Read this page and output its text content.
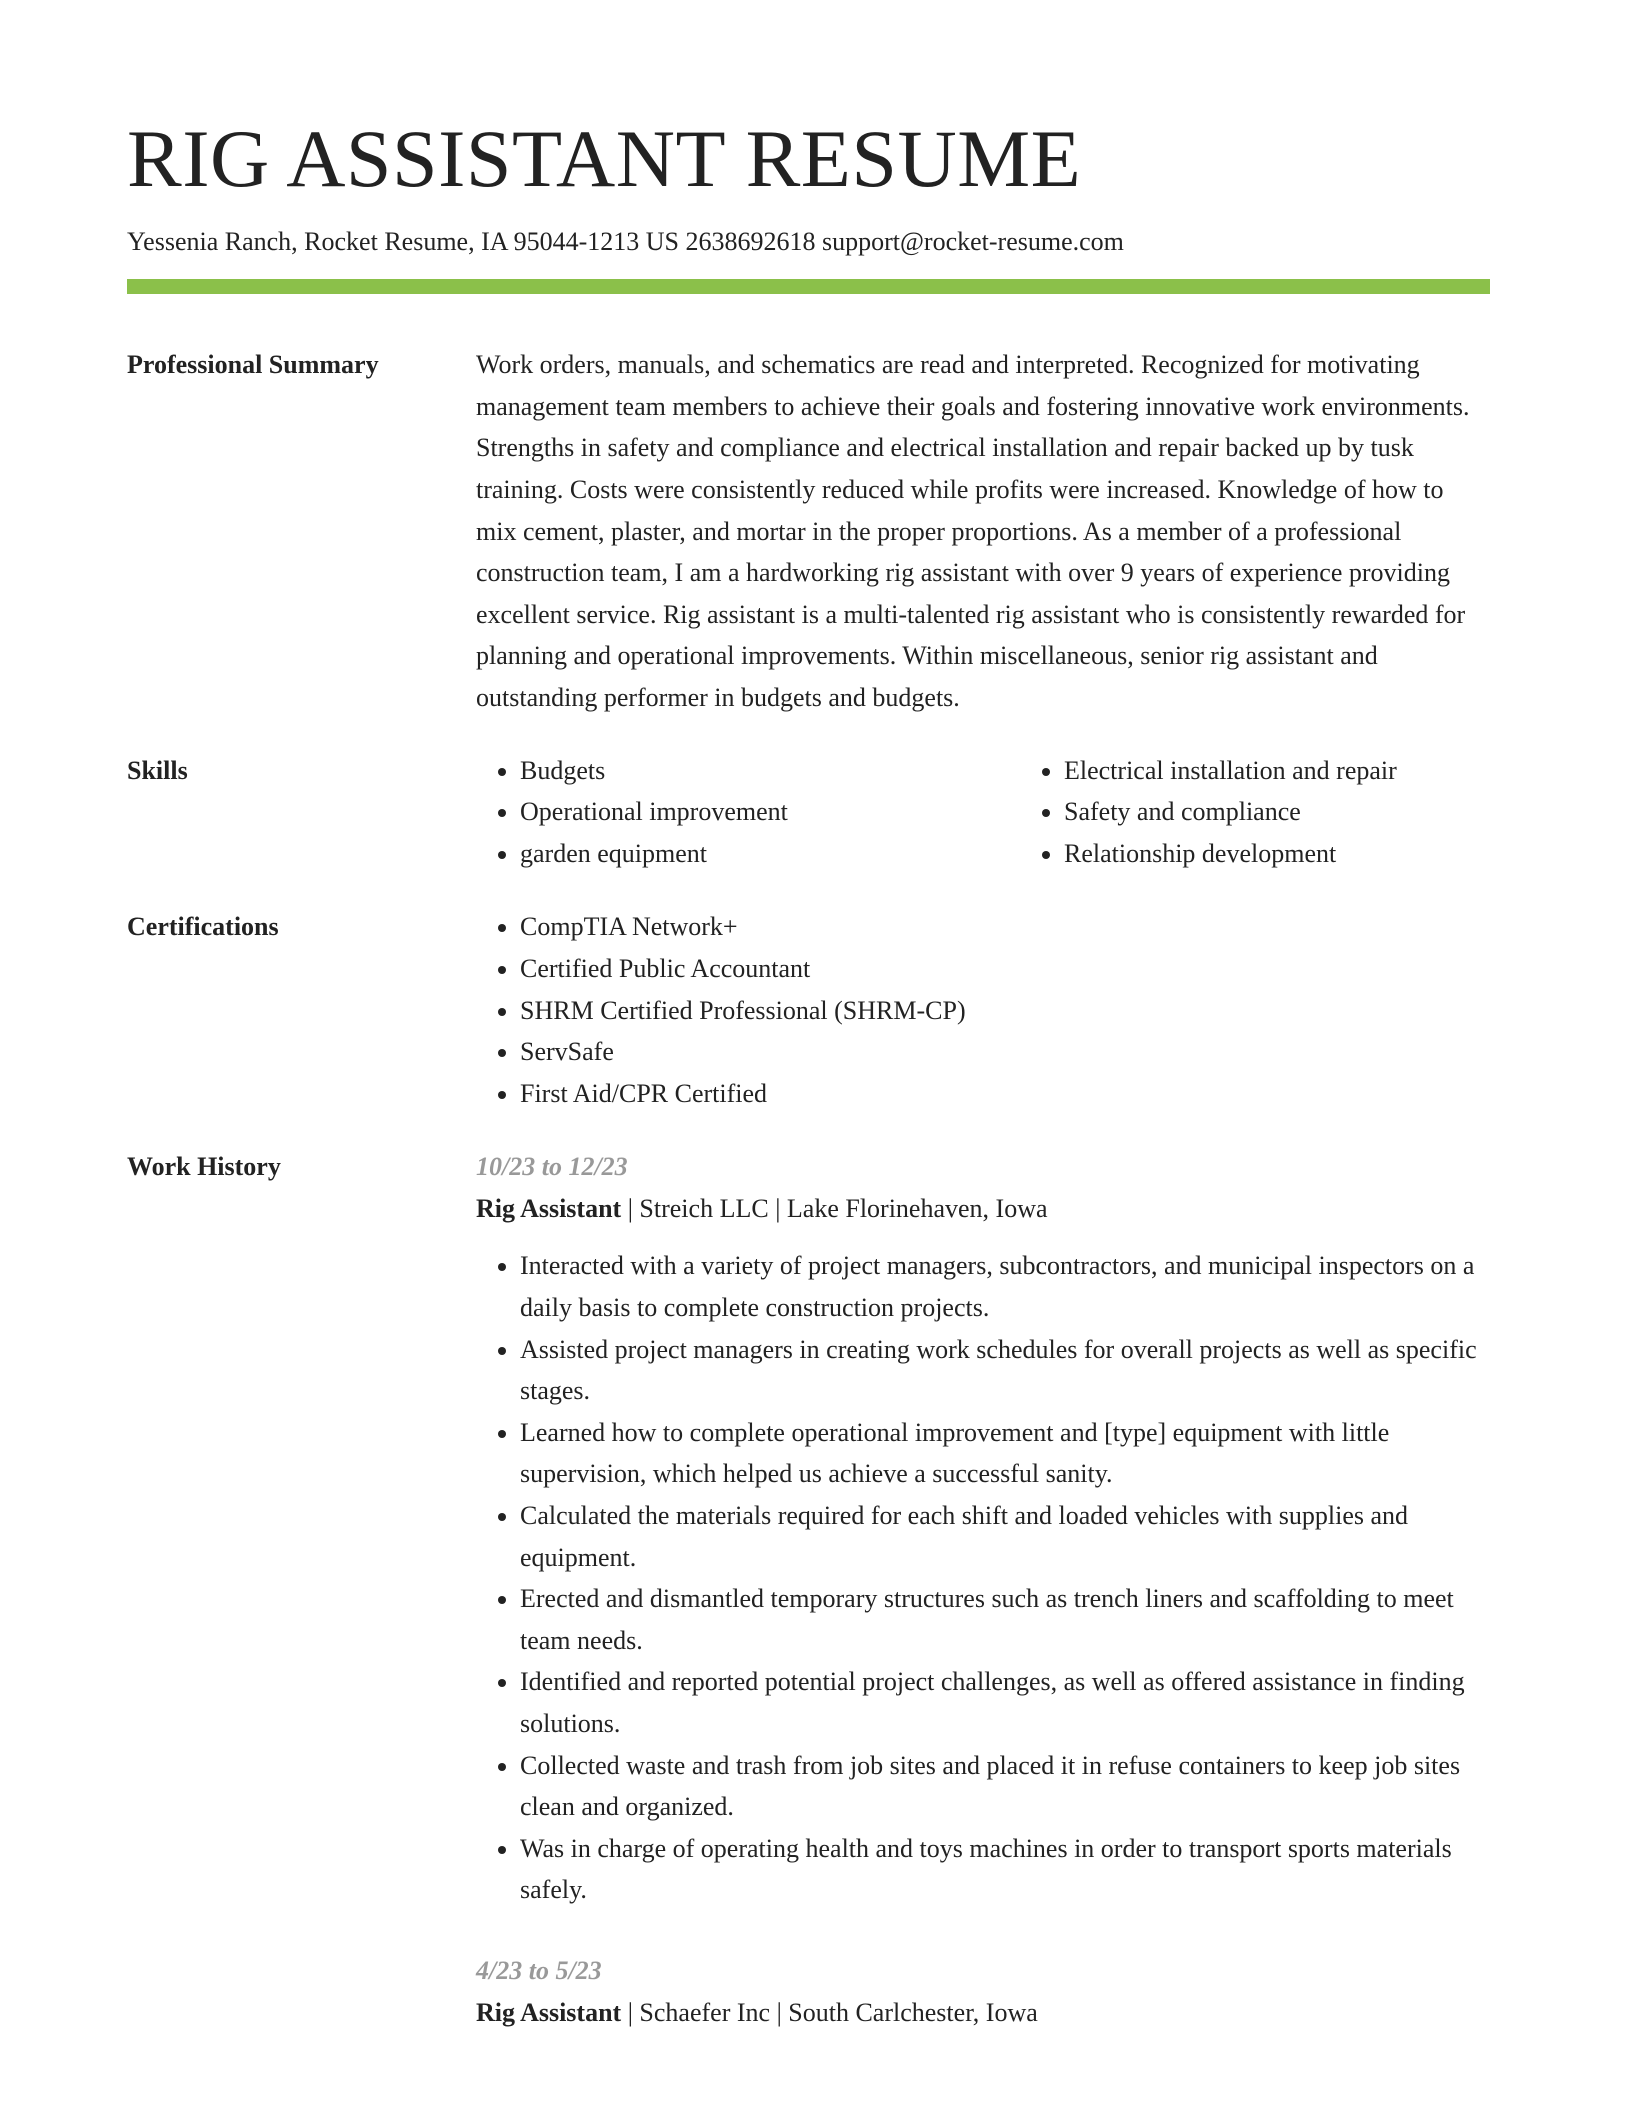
RIG ASSISTANT RESUME
Yessenia Ranch, Rocket Resume, IA 95044-1213 US 2638692618 support@rocket-resume.com
Professional Summary	Work orders, manuals, and schematics are read and interpreted. Recognized for motivating management team members to achieve their goals and fostering innovative work environments. Strengths in safety and compliance and electrical installation and repair backed up by tusk training. Costs were consistently reduced while profits were increased. Knowledge of how to mix cement, plaster, and mortar in the proper proportions. As a member of a professional construction team, I am a hardworking rig assistant with over 9 years of experience providing excellent service. Rig assistant is a multi-talented rig assistant who is consistently rewarded for planning and operational improvements. Within miscellaneous, senior rig assistant and outstanding performer in budgets and budgets.

Skills	• Budgets
• Operational improvement
• garden equipment
• Electrical installation and repair
• Safety and compliance
• Relationship development
Certifications	• CompTIA Network+
• Certified Public Accountant
• SHRM Certified Professional (SHRM-CP)
• ServSafe
• First Aid/CPR Certified
Work History	10/23 to 12/23
Rig Assistant | Streich LLC | Lake Florinehaven, Iowa
• Interacted with a variety of project managers, subcontractors, and municipal inspectors on a daily basis to complete construction projects.
• Assisted project managers in creating work schedules for overall projects as well as specific stages.
• Learned how to complete operational improvement and [type] equipment with little supervision, which helped us achieve a successful sanity.
• Calculated the materials required for each shift and loaded vehicles with supplies and equipment.
• Erected and dismantled temporary structures such as trench liners and scaffolding to meet team needs.
• Identified and reported potential project challenges, as well as offered assistance in finding solutions.
• Collected waste and trash from job sites and placed it in refuse containers to keep job sites clean and organized.
• Was in charge of operating health and toys machines in order to transport sports materials safely.
4/23 to 5/23
Rig Assistant | Schaefer Inc | South Carlchester, Iowa
